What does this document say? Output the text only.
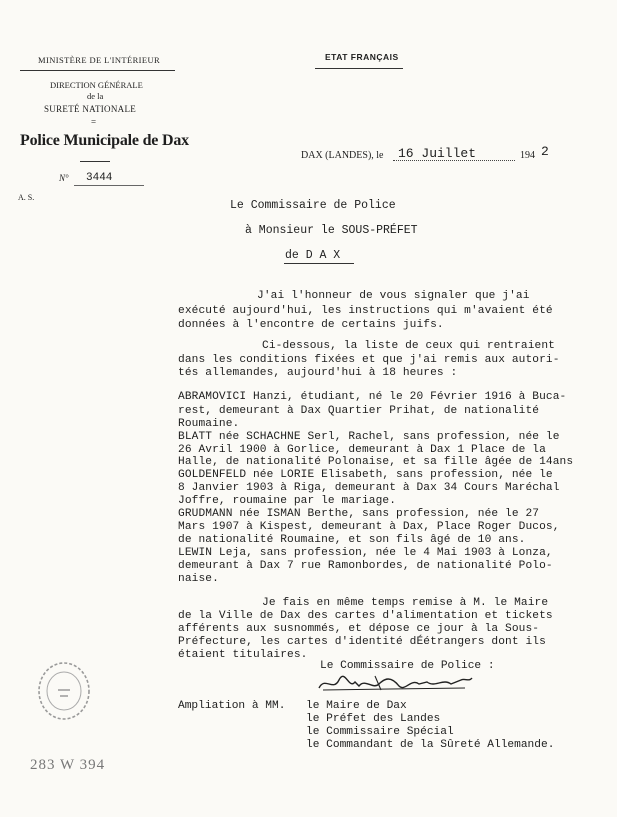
MINISTÈRE DE L'INTÉRIEUR
DIRECTION GÉNÉRALE
de la
SURETÉ NATIONALE
=
Police Municipale de Dax
N° 3444
A. S.
ETAT FRANÇAIS
DAX (LANDES), le 16 Juillet	194 2
Le Commissaire de Police
à Monsieur le SOUS-PRÉFET
de D A X
J'ai l'honneur de vous signaler que j'ai
exécuté aujourd'hui, les instructions qui m'avaient été
données à l'encontre de certains juifs.
Ci-dessous, la liste de ceux qui rentraient
dans les conditions fixées et que j'ai remis aux autori-
tés allemandes, aujourd'hui à 18 heures :
ABRAMOVICI Hanzi, étudiant, né le 20 Février 1916 à Buca-
rest, demeurant à Dax Quartier Prihat, de nationalité
Roumaine.
BLATT née SCHACHNE Serl, Rachel, sans profession, née le
26 Avril 1900 à Gorlice, demeurant à Dax 1 Place de la
Halle, de nationalité Polonaise, et sa fille âgée de 14ans
GOLDENFELD née LORIE Elisabeth, sans profession, née le
8 Janvier 1903 à Riga, demeurant à Dax 34 Cours Maréchal
Joffre, roumaine par le mariage.
GRUDMANN née ISMAN Berthe, sans profession, née le 27
Mars 1907 à Kispest, demeurant à Dax, Place Roger Ducos,
de nationalité Roumaine, et son fils âgé de 10 ans.
LEWIN Leja, sans profession, née le 4 Mai 1903 à Lonza,
demeurant à Dax 7 rue Ramonbordes, de nationalité Polo-
naise.
Je fais en même temps remise à M. le Maire
de la Ville de Dax des cartes d'alimentation et tickets
afférents aux susnommés, et dépose ce jour à la Sous-
Préfecture, les cartes d'identité dÉétrangers dont ils
étaient titulaires.
Le Commissaire de Police :
Ampliation à MM. le Maire de Dax
le Préfet des Landes
le Commissaire Spécial
le Commandant de la Sûreté Allemande.
283 W 394
